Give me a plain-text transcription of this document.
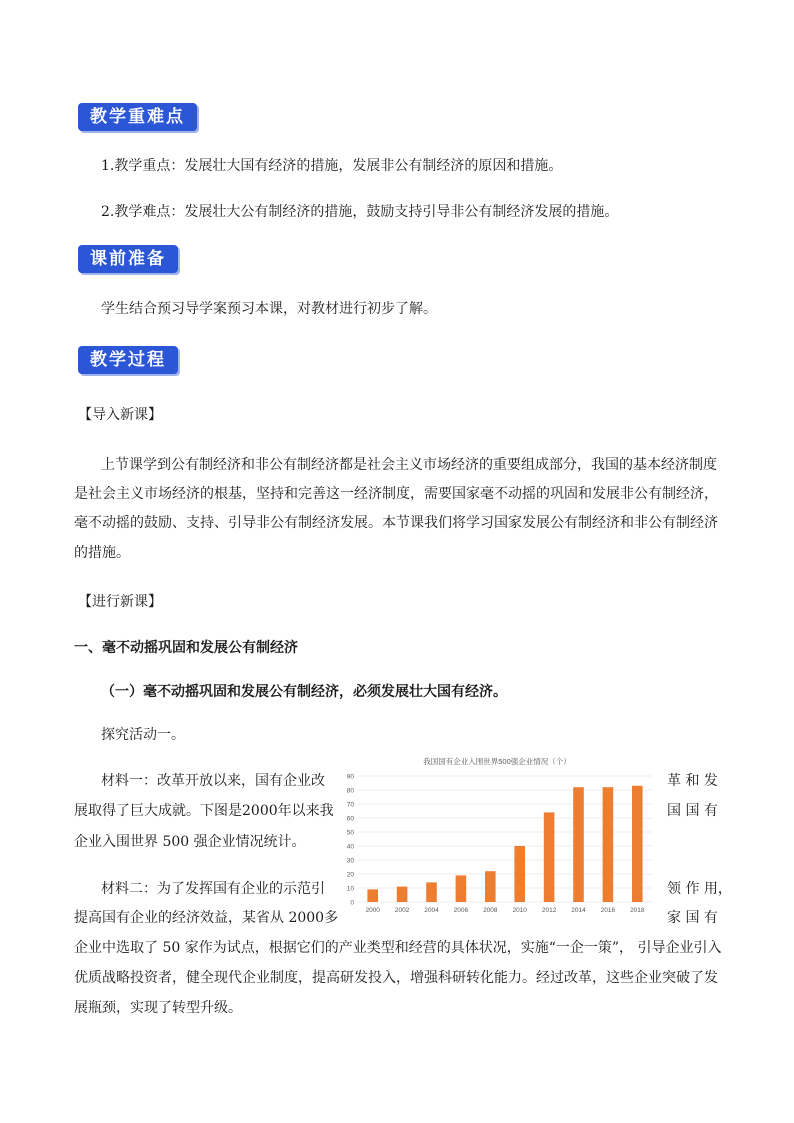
教学重难点
1.教学重点：发展壮大国有经济的措施，发展非公有制经济的原因和措施。
2.教学难点：发展壮大公有制经济的措施，鼓励支持引导非公有制经济发展的措施。
课前准备
学生结合预习导学案预习本课，对教材进行初步了解。
教学过程
【导入新课】
上节课学到公有制经济和非公有制经济都是社会主义市场经济的重要组成部分，我国的基本经济制度
是社会主义市场经济的根基，坚持和完善这一经济制度，需要国家毫不动摇的巩固和发展非公有制经济，
毫不动摇的鼓励、支持、引导非公有制经济发展。本节课我们将学习国家发展公有制经济和非公有制经济
的措施。
【进行新课】
一、毫不动摇巩固和发展公有制经济
（一）毫不动摇巩固和发展公有制经济，必须发展壮大国有经济。
探究活动一。
材料一：改革开放以来，国有企业改	革 和 发
展取得了巨大成就。下图是2000年以来我	国 国 有
企业入围世界 500 强企业情况统计。
材料二：为了发挥国有企业的示范引	领 作 用，
提高国有企业的经济效益，某省从 2000多	家 国 有
企业中选取了 50 家作为试点，根据它们的产业类型和经营的具体状况，实施“一企一策”， 引导企业引入
优质战略投资者，健全现代企业制度，提高研发投入，增强科研转化能力。经过改革，这些企业突破了发
展瓶颈，实现了转型升级。
我国国有企业入围世界500强企业情况（个）
0
10
20
30
40
50
60
70
80
90
2000 2002 2004 2006 2008 2010 2012 2014 2016 2018
